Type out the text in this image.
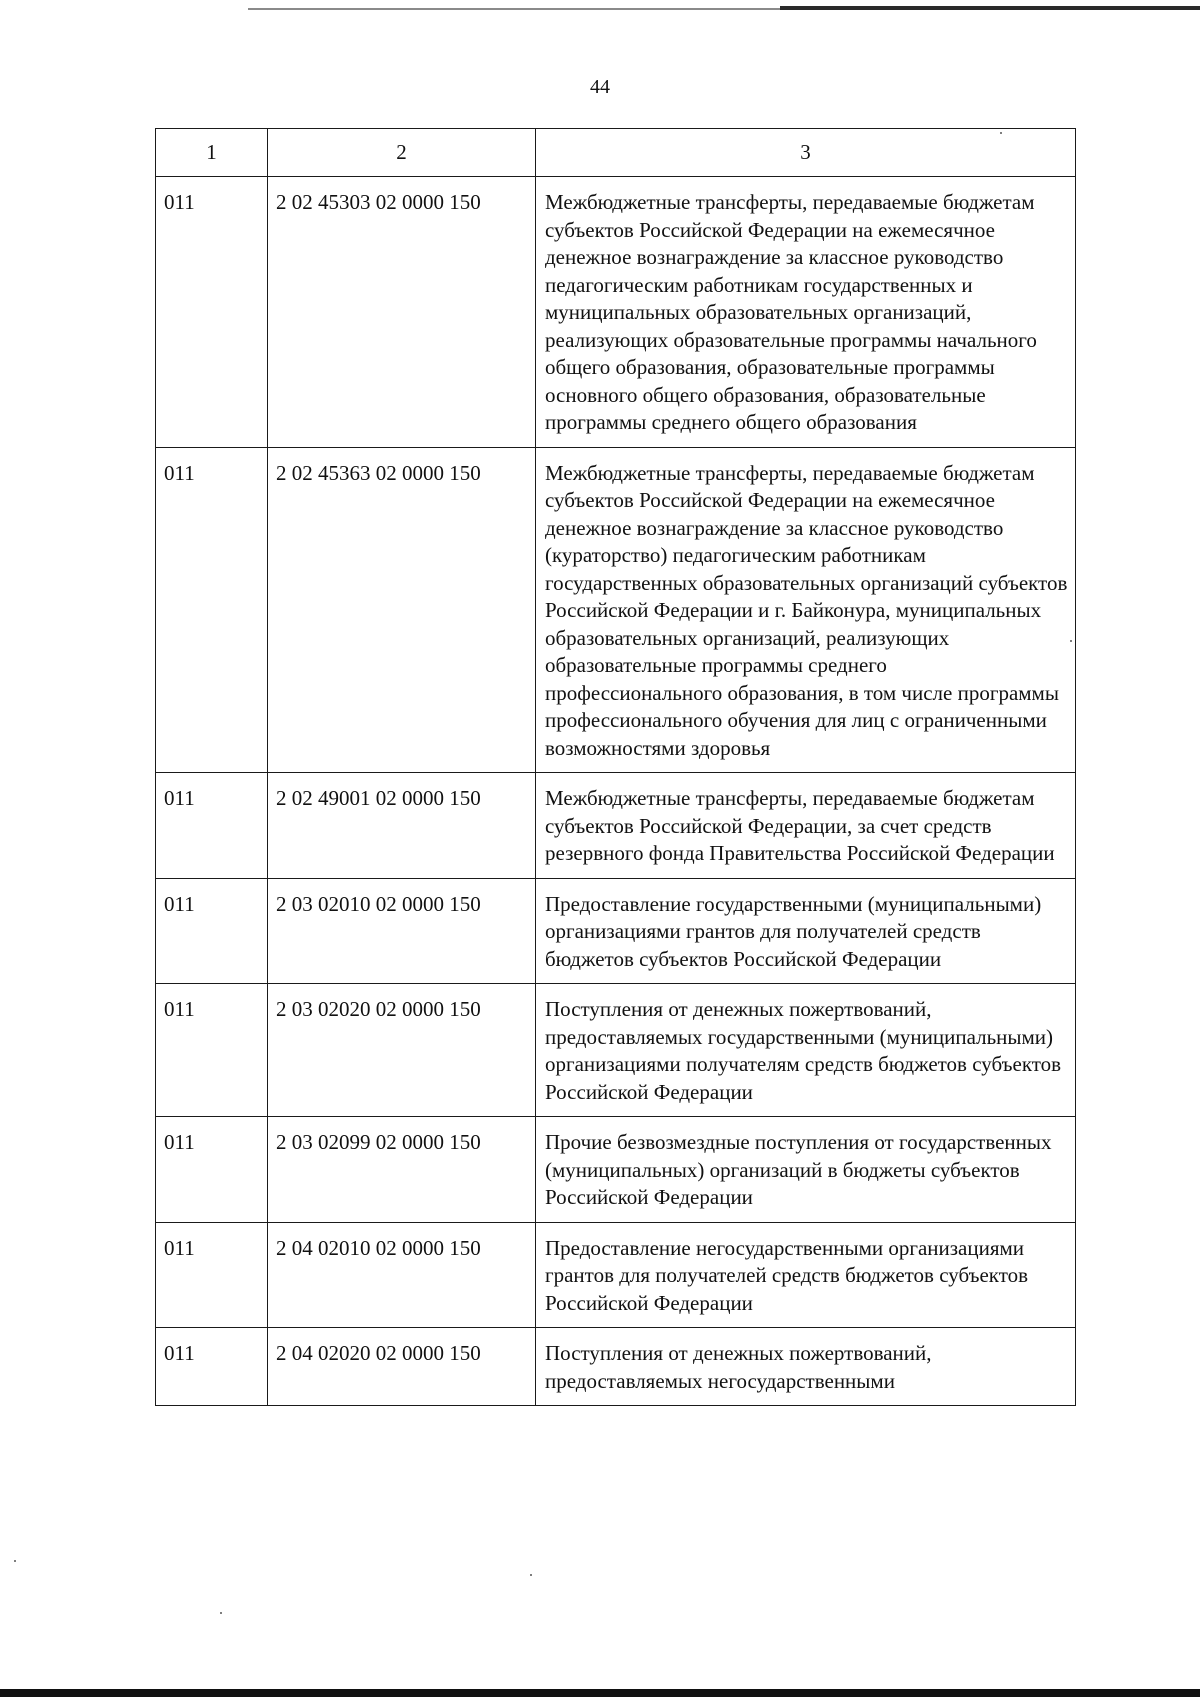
44
1	2	3
011	2 02 45303 02 0000 150	Межбюджетные трансферты, передаваемые бюджетам субъектов Российской Федерации на ежемесячное денежное вознаграждение за классное руководство педагогическим работникам государственных и муниципальных образовательных организаций, реализующих образовательные программы начального общего образования, образовательные программы основного общего образования, образовательные программы среднего общего образования
011	2 02 45363 02 0000 150	Межбюджетные трансферты, передаваемые бюджетам субъектов Российской Федерации на ежемесячное денежное вознаграждение за классное руководство (кураторство) педагогическим работникам государственных образовательных организаций субъектов Российской Федерации и г. Байконура, муниципальных образовательных организаций, реализующих образовательные программы среднего профессионального образования, в том числе программы профессионального обучения для лиц с ограниченными возможностями здоровья
011	2 02 49001 02 0000 150	Межбюджетные трансферты, передаваемые бюджетам субъектов Российской Федерации, за счет средств резервного фонда Правительства Российской Федерации
011	2 03 02010 02 0000 150	Предоставление государственными (муниципальными) организациями грантов для получателей средств бюджетов субъектов Российской Федерации
011	2 03 02020 02 0000 150	Поступления от денежных пожертвований, предоставляемых государственными (муниципальными) организациями получателям средств бюджетов субъектов Российской Федерации
011	2 03 02099 02 0000 150	Прочие безвозмездные поступления от государственных (муниципальных) организаций в бюджеты субъектов Российской Федерации
011	2 04 02010 02 0000 150	Предоставление негосударственными организациями грантов для получателей средств бюджетов субъектов Российской Федерации
011	2 04 02020 02 0000 150	Поступления от денежных пожертвований, предоставляемых негосударственными
